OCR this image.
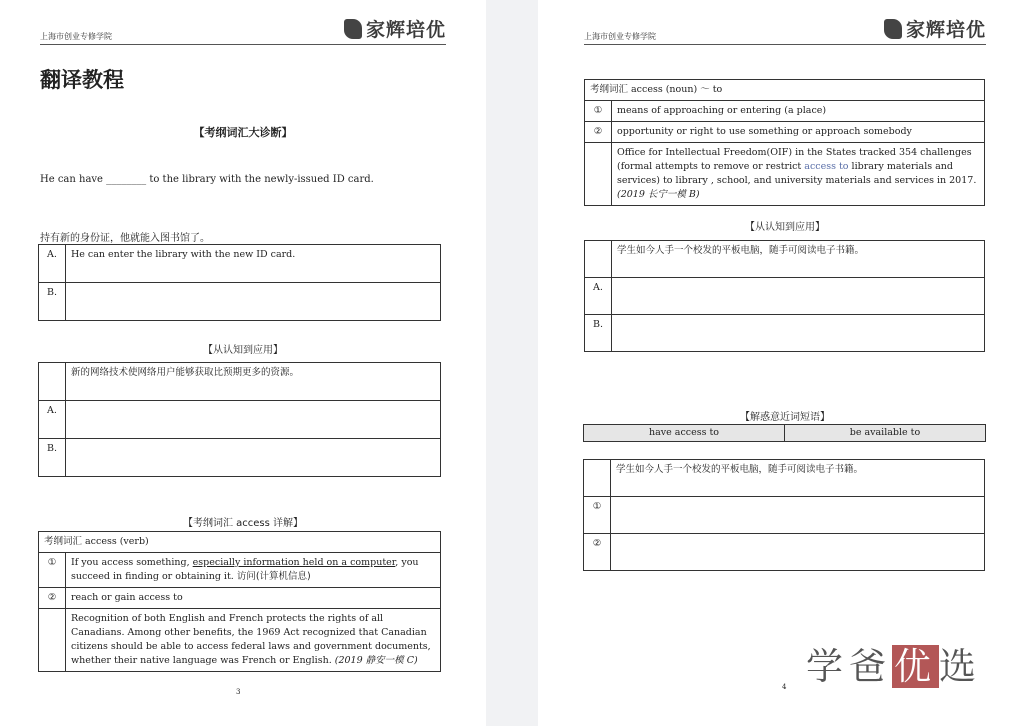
上海市创业专修学院	家辉培优
翻译教程
【考纲词汇大诊断】
He can have ________ to the library with the newly-issued ID card.
持有新的身份证，他就能入图书馆了。
A.	He can enter the library with the new ID card.
B.	
【从认知到应用】
	新的网络技术使网络用户能够获取比预期更多的资源。
A.	
B.	
【考纲词汇 access 详解】
考纲词汇 access (verb)	
①	If you access something, especially information held on a computer, you succeed in finding or obtaining it. 访问(计算机信息)
②	reach or gain access to
	Recognition of both English and French protects the rights of all Canadians. Among other benefits, the 1969 Act recognized that Canadian citizens should be able to access federal laws and government documents, whether their native language was French or English. (2019 静安一模 C)
3
上海市创业专修学院	家辉培优
考纲词汇 access (noun) ～ to	
①	means of approaching or entering (a place)
②	opportunity or right to use something or approach somebody
	Office for Intellectual Freedom(OIF) in the States tracked 354 challenges (formal attempts to remove or restrict access to library materials and services) to library , school, and university materials and services in 2017. (2019 长宁一模 B)
【从认知到应用】
	学生如今人手一个校发的平板电脑，随手可阅读电子书籍。
A.	
B.	
【解惑意近词短语】
have access to	be available to
	学生如今人手一个校发的平板电脑，随手可阅读电子书籍。
①	
②	
4 学爸优选
